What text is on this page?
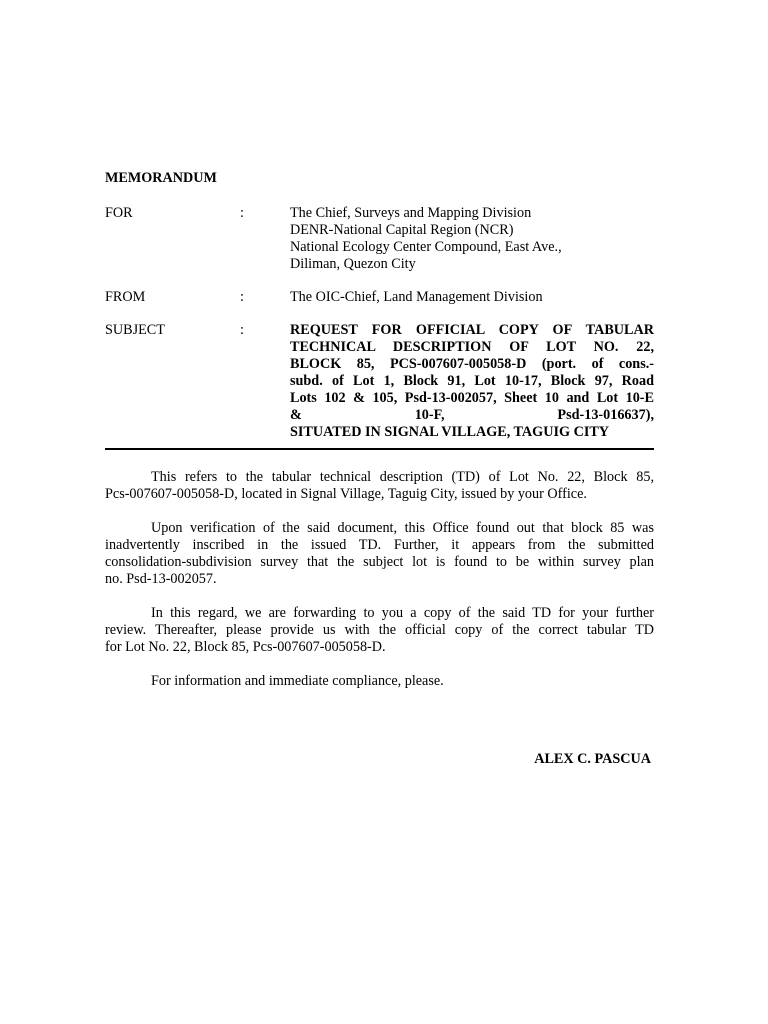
MEMORANDUM
FOR	:	The Chief, Surveys and Mapping Division
DENR-National Capital Region (NCR)
National Ecology Center Compound, East Ave.,
Diliman, Quezon City
FROM	:	The OIC-Chief, Land Management Division
SUBJECT	:	REQUEST FOR OFFICIAL COPY OF TABULAR
TECHNICAL DESCRIPTION OF LOT NO. 22,
BLOCK 85, PCS-007607-005058-D (port. of cons.-
subd. of Lot 1, Block 91, Lot 10-17, Block 97, Road
Lots 102 & 105, Psd-13-002057, Sheet 10 and Lot 10-E
& 10-F, Psd-13-016637),
SITUATED IN SIGNAL VILLAGE, TAGUIG CITY
This refers to the tabular technical description (TD) of Lot No. 22, Block 85,
Pcs-007607-005058-D, located in Signal Village, Taguig City, issued by your Office.
Upon verification of the said document, this Office found out that block 85 was
inadvertently inscribed in the issued TD. Further, it appears from the submitted
consolidation-subdivision survey that the subject lot is found to be within survey plan
no. Psd-13-002057.
In this regard, we are forwarding to you a copy of the said TD for your further
review. Thereafter, please provide us with the official copy of the correct tabular TD
for Lot No. 22, Block 85, Pcs-007607-005058-D.
For information and immediate compliance, please.
ALEX C. PASCUA
